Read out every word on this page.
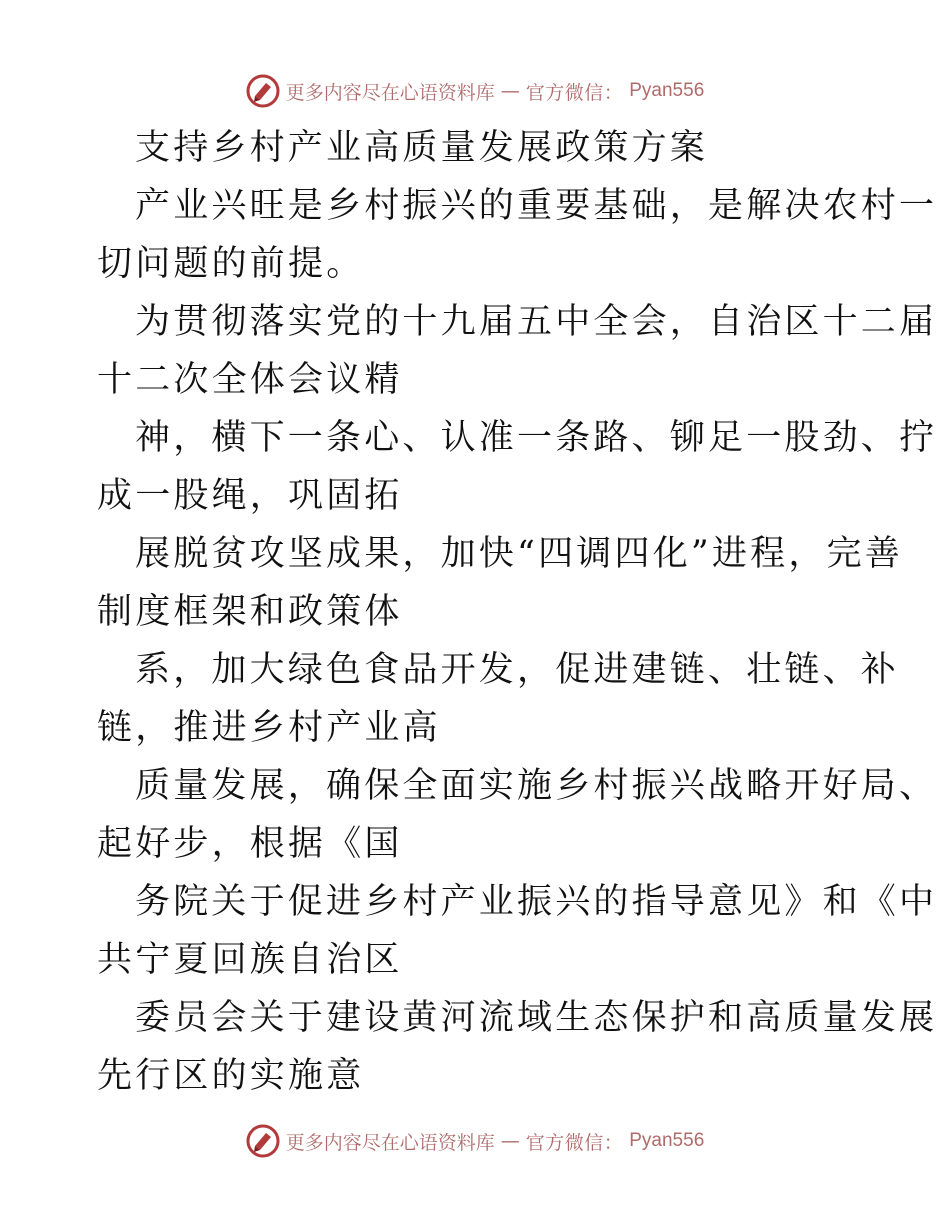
更多内容尽在心语资料库 — 官方微信： Pyan556
支持乡村产业高质量发展政策方案
产业兴旺是乡村振兴的重要基础，是解决农村一
切问题的前提。
为贯彻落实党的十九届五中全会，自治区十二届
十二次全体会议精
神，横下一条心、认准一条路、铆足一股劲、拧
成一股绳，巩固拓
展脱贫攻坚成果，加快“四调四化”进程，完善
制度框架和政策体
系，加大绿色食品开发，促进建链、壮链、补
链，推进乡村产业高
质量发展，确保全面实施乡村振兴战略开好局、
起好步，根据《国
务院关于促进乡村产业振兴的指导意见》和《中
共宁夏回族自治区
委员会关于建设黄河流域生态保护和高质量发展
先行区的实施意
更多内容尽在心语资料库 — 官方微信： Pyan556
